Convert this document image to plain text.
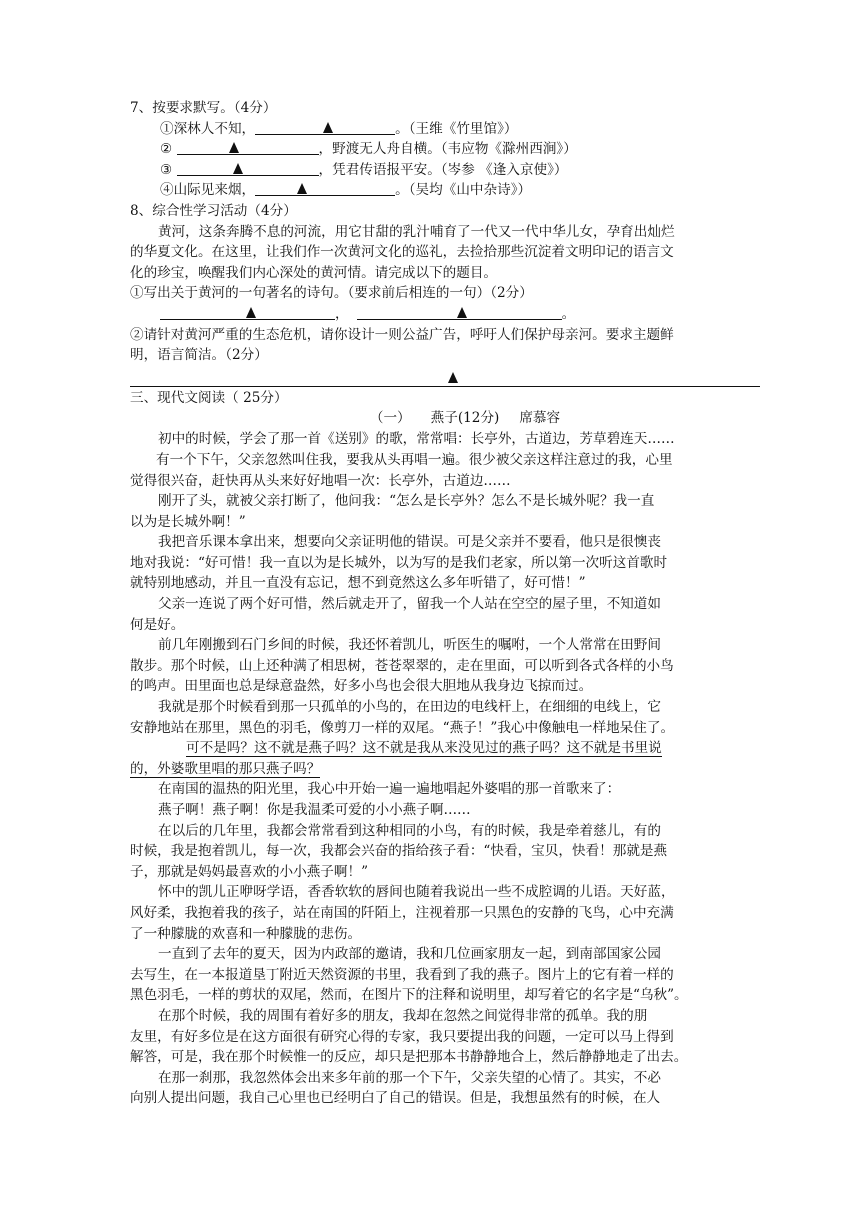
7、按要求默写。（4分）
①深林人不知，	。（王维《竹里馆》）
②	，野渡无人舟自横。（韦应物《滁州西涧》）
③	，凭君传语报平安。（岑参 《逢入京使》）
④山际见来烟，	。（吴均《山中杂诗》）
8、综合性学习活动（4分）
黄河，这条奔腾不息的河流，用它甘甜的乳汁哺育了一代又一代中华儿女，孕育出灿烂
的华夏文化。在这里，让我们作一次黄河文化的巡礼，去捡拾那些沉淀着文明印记的语言文
化的珍宝，唤醒我们内心深处的黄河情。请完成以下的题目。
①写出关于黄河的一句著名的诗句。（要求前后相连的一句）（2分）
，	。
②请针对黄河严重的生态危机，请你设计一则公益广告，呼吁人们保护母亲河。要求主题鲜
明，语言简洁。（2分）
三、现代文阅读（ 25分）
（一） 燕子(12分) 席慕容
初中的时候，学会了那一首《送别》的歌，常常唱：长亭外，古道边，芳草碧连天……
有一个下午，父亲忽然叫住我，要我从头再唱一遍。很少被父亲这样注意过的我，心里
觉得很兴奋，赶快再从头来好好地唱一次：长亭外，古道边……
刚开了头，就被父亲打断了，他问我：“怎么是长亭外？怎么不是长城外呢？我一直
以为是长城外啊！”
我把音乐课本拿出来，想要向父亲证明他的错误。可是父亲并不要看，他只是很懊丧
地对我说：“好可惜！我一直以为是长城外，以为写的是我们老家，所以第一次听这首歌时
就特别地感动，并且一直没有忘记，想不到竟然这么多年听错了，好可惜！”
父亲一连说了两个好可惜，然后就走开了，留我一个人站在空空的屋子里，不知道如
何是好。
前几年刚搬到石门乡间的时候，我还怀着凯儿，听医生的嘱咐，一个人常常在田野间
散步。那个时候，山上还种满了相思树，苍苍翠翠的，走在里面，可以听到各式各样的小鸟
的鸣声。田里面也总是绿意盎然，好多小鸟也会很大胆地从我身边飞掠而过。
我就是那个时候看到那一只孤单的小鸟的，在田边的电线杆上，在细细的电线上，它
安静地站在那里，黑色的羽毛，像剪刀一样的双尾。“燕子！”我心中像触电一样地呆住了。
可不是吗？这不就是燕子吗？这不就是我从来没见过的燕子吗？这不就是书里说
的，外婆歌里唱的那只燕子吗？
在南国的温热的阳光里，我心中开始一遍一遍地唱起外婆唱的那一首歌来了：
燕子啊！燕子啊！你是我温柔可爱的小小燕子啊……
在以后的几年里，我都会常常看到这种相同的小鸟，有的时候，我是牵着慈儿，有的
时候，我是抱着凯儿，每一次，我都会兴奋的指给孩子看：“快看，宝贝，快看！那就是燕
子，那就是妈妈最喜欢的小小燕子啊！”
怀中的凯儿正咿呀学语，香香软软的唇间也随着我说出一些不成腔调的儿语。天好蓝，
风好柔，我抱着我的孩子，站在南国的阡陌上，注视着那一只黑色的安静的飞鸟，心中充满
了一种朦胧的欢喜和一种朦胧的悲伤。
一直到了去年的夏天，因为内政部的邀请，我和几位画家朋友一起，到南部国家公园
去写生，在一本报道垦丁附近天然资源的书里，我看到了我的燕子。图片上的它有着一样的
黑色羽毛，一样的剪状的双尾，然而，在图片下的注释和说明里，却写着它的名字是“乌秋”。
在那个时候，我的周围有着好多的朋友，我却在忽然之间觉得非常的孤单。我的朋
友里，有好多位是在这方面很有研究心得的专家，我只要提出我的问题，一定可以马上得到
解答，可是，我在那个时候惟一的反应，却只是把那本书静静地合上，然后静静地走了出去。
在那一刹那，我忽然体会出来多年前的那一个下午，父亲失望的心情了。其实，不必
向别人提出问题，我自己心里也已经明白了自己的错误。但是，我想虽然有的时候，在人
